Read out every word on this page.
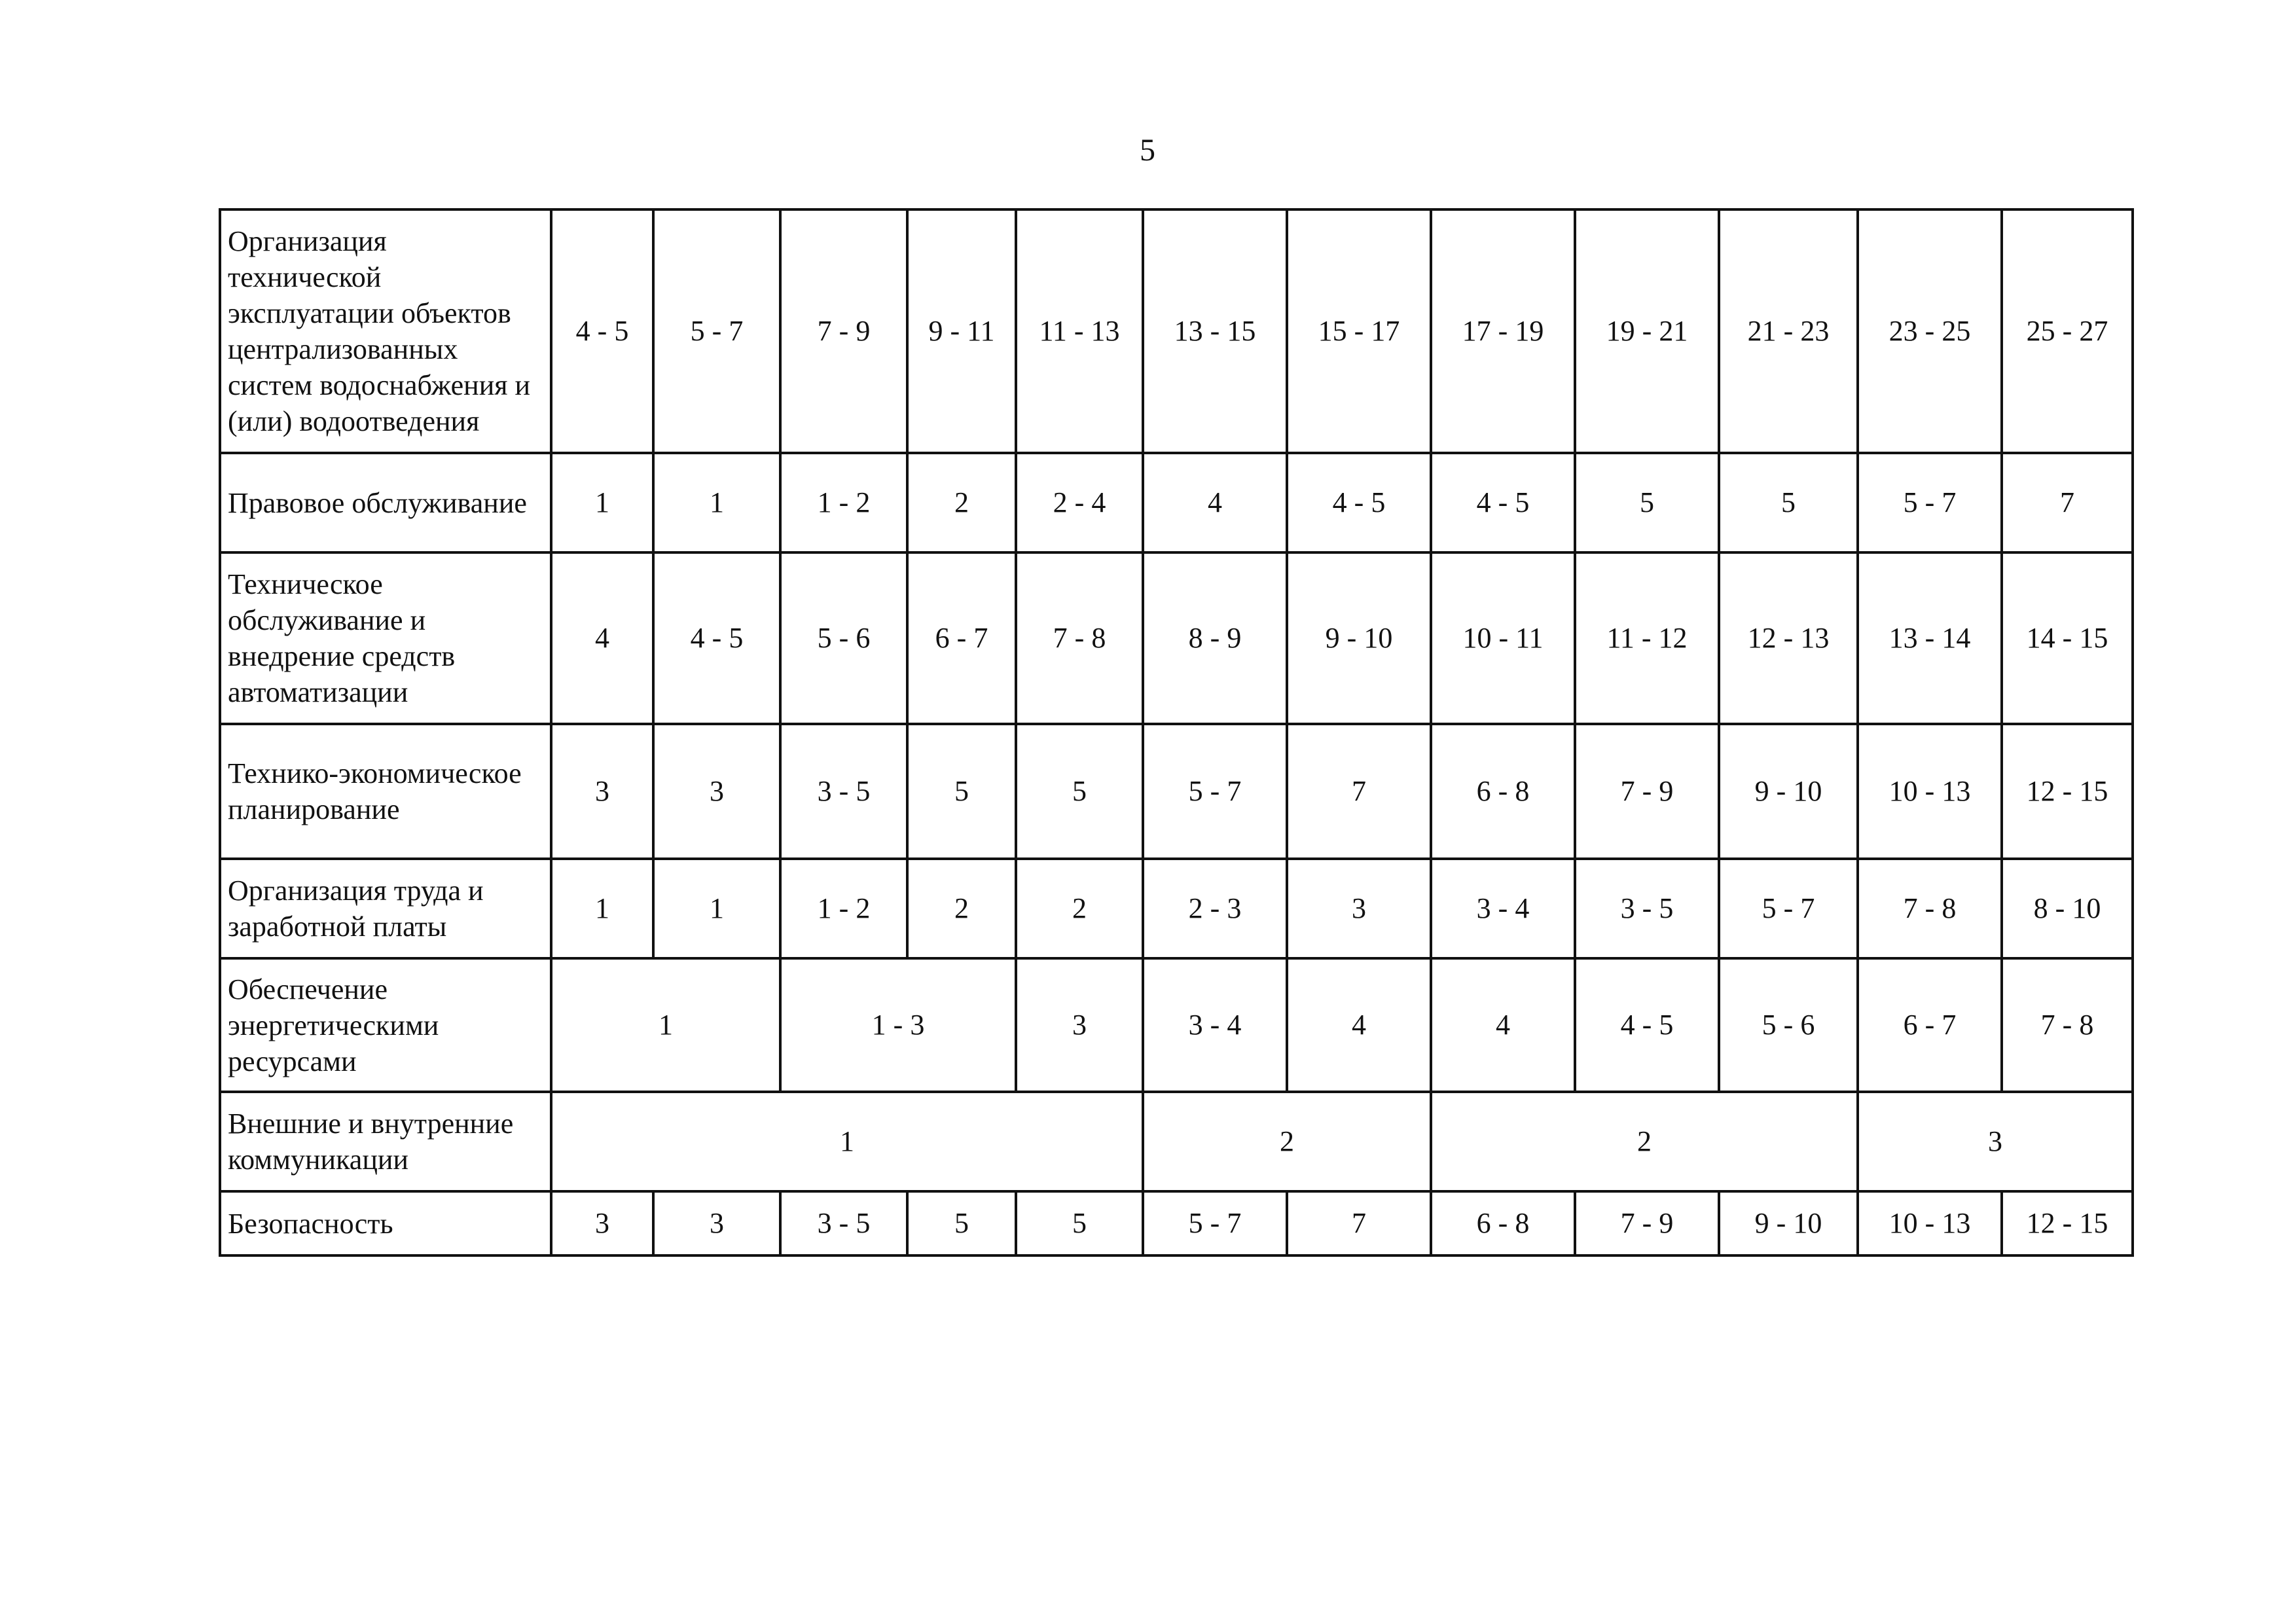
5
Организация технической эксплуатации объектов централизованных систем водоснабжения и (или) водоотведения	4 - 5	5 - 7	7 - 9	9 - 11	11 - 13	13 - 15	15 - 17	17 - 19	19 - 21	21 - 23	23 - 25	25 - 27
Правовое обслуживание	1	1	1 - 2	2	2 - 4	4	4 - 5	4 - 5	5	5	5 - 7	7
Техническое обслуживание и внедрение средств автоматизации	4	4 - 5	5 - 6	6 - 7	7 - 8	8 - 9	9 - 10	10 - 11	11 - 12	12 - 13	13 - 14	14 - 15
Технико-экономическое планирование	3	3	3 - 5	5	5	5 - 7	7	6 - 8	7 - 9	9 - 10	10 - 13	12 - 15
Организация труда и заработной платы	1	1	1 - 2	2	2	2 - 3	3	3 - 4	3 - 5	5 - 7	7 - 8	8 - 10
Обеспечение энергетическими ресурсами	1		1 - 3		3	3 - 4	4	4	4 - 5	5 - 6	6 - 7	7 - 8
Внешние и внутренние коммуникации	1					2		2			3	
Безопасность	3	3	3 - 5	5	5	5 - 7	7	6 - 8	7 - 9	9 - 10	10 - 13	12 - 15
